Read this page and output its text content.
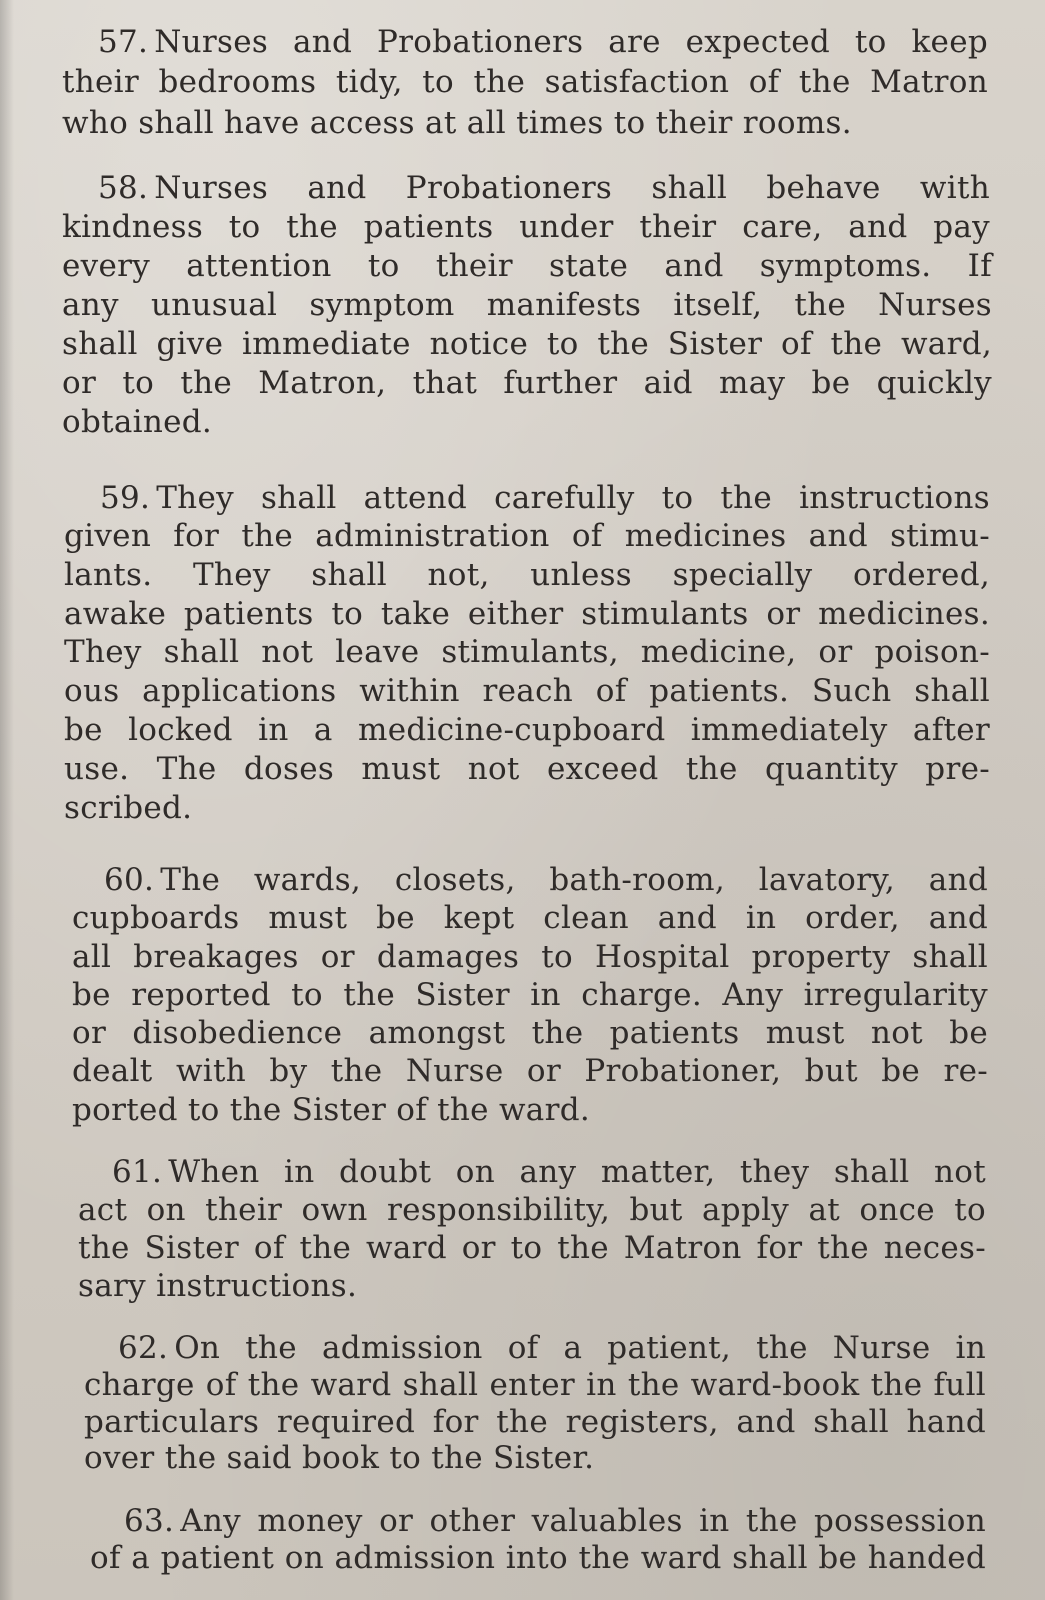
57. Nurses and Probationers are expected to keep
their bedrooms tidy, to the satisfaction of the Matron
who shall have access at all times to their rooms.
58. Nurses and Probationers shall behave with
kindness to the patients under their care, and pay
every attention to their state and symptoms. If
any unusual symptom manifests itself, the Nurses
shall give immediate notice to the Sister of the ward,
or to the Matron, that further aid may be quickly
obtained.
59. They shall attend carefully to the instructions
given for the administration of medicines and stimu-
lants. They shall not, unless specially ordered,
awake patients to take either stimulants or medicines.
They shall not leave stimulants, medicine, or poison-
ous applications within reach of patients. Such shall
be locked in a medicine-cupboard immediately after
use. The doses must not exceed the quantity pre-
scribed.
60. The wards, closets, bath-room, lavatory, and
cupboards must be kept clean and in order, and
all breakages or damages to Hospital property shall
be reported to the Sister in charge. Any irregularity
or disobedience amongst the patients must not be
dealt with by the Nurse or Probationer, but be re-
ported to the Sister of the ward.
61. When in doubt on any matter, they shall not
act on their own responsibility, but apply at once to
the Sister of the ward or to the Matron for the neces-
sary instructions.
62. On the admission of a patient, the Nurse in
charge of the ward shall enter in the ward-book the full
particulars required for the registers, and shall hand
over the said book to the Sister.
63. Any money or other valuables in the possession
of a patient on admission into the ward shall be handed
